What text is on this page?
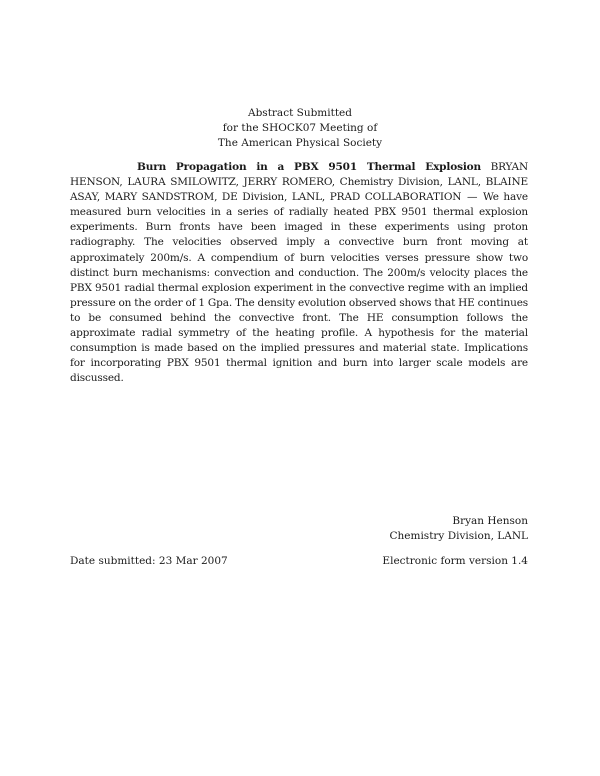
Abstract Submitted
for the SHOCK07 Meeting of
The American Physical Society
Burn Propagation in a PBX 9501 Thermal Explosion BRYAN HENSON, LAURA SMILOWITZ, JERRY ROMERO, Chemistry Division, LANL, BLAINE ASAY, MARY SANDSTROM, DE Division, LANL, PRAD COLLABORATION — We have measured burn velocities in a series of radially heated PBX 9501 thermal explosion experiments. Burn fronts have been imaged in these experiments using proton radiography. The velocities observed imply a convective burn front moving at approximately 200m/s. A compendium of burn velocities verses pressure show two distinct burn mechanisms: convection and conduction. The 200m/s velocity places the PBX 9501 radial thermal explosion experiment in the convective regime with an implied pressure on the order of 1 Gpa. The density evolution observed shows that HE continues to be consumed behind the convective front. The HE consumption follows the approximate radial symmetry of the heating profile. A hypothesis for the material consumption is made based on the implied pressures and material state. Implications for incorporating PBX 9501 thermal ignition and burn into larger scale models are discussed.
Bryan Henson
Chemistry Division, LANL
Date submitted: 23 Mar 2007	Electronic form version 1.4
